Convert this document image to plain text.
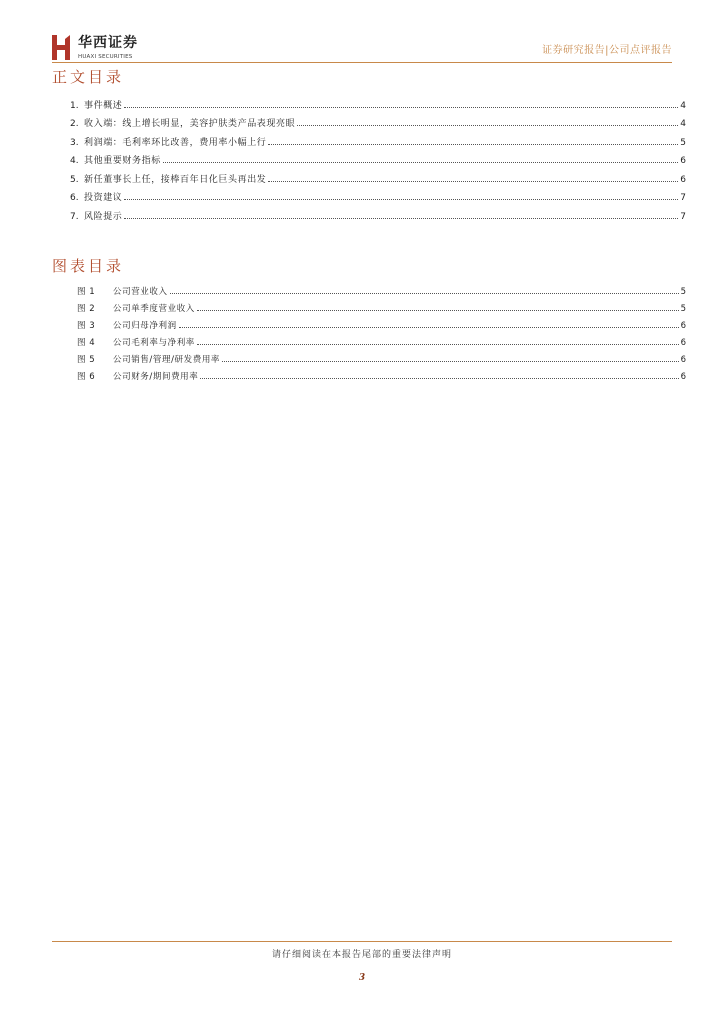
华西证券
HUAXI SECURITIES
证券研究报告|公司点评报告
正文目录
1. 事件概述	4
2. 收入端：线上增长明显，美容护肤类产品表现亮眼	4
3. 利润端：毛利率环比改善，费用率小幅上行	5
4. 其他重要财务指标	6
5. 新任董事长上任，接棒百年日化巨头再出发	6
6. 投资建议	7
7. 风险提示	7
图表目录
图 1	公司营业收入	5
图 2	公司单季度营业收入	5
图 3	公司归母净利润	6
图 4	公司毛利率与净利率	6
图 5	公司销售/管理/研发费用率	6
图 6	公司财务/期间费用率	6
请仔细阅读在本报告尾部的重要法律声明
3
